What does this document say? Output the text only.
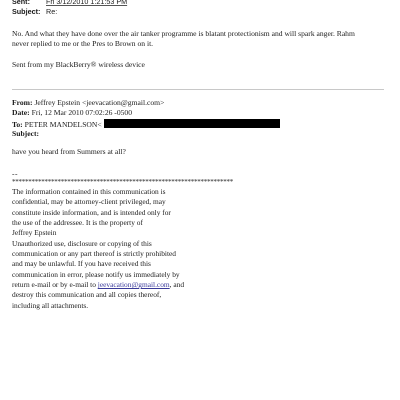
Sent: Fri 3/12/2010 1:21:53 PM
Subject: Re:
No. And what they have done over the air tanker programme is blatant protectionism and will spark anger. Rahm never replied to me or the Pres to Brown on it.
Sent from my BlackBerry® wireless device
From: Jeffrey Epstein <jeevacation@gmail.com>
Date: Fri, 12 Mar 2010 07:02:26 -0500
To: PETER MANDELSON<
Subject:
have you heard from Summers at all?
--
********************************************************************
The information contained in this communication is
confidential, may be attorney-client privileged, may
constitute inside information, and is intended only for
the use of the addressee. It is the property of
Jeffrey Epstein
Unauthorized use, disclosure or copying of this
communication or any part thereof is strictly prohibited
and may be unlawful. If you have received this
communication in error, please notify us immediately by
return e-mail or by e-mail to jeevacation@gmail.com, and
destroy this communication and all copies thereof,
including all attachments.
